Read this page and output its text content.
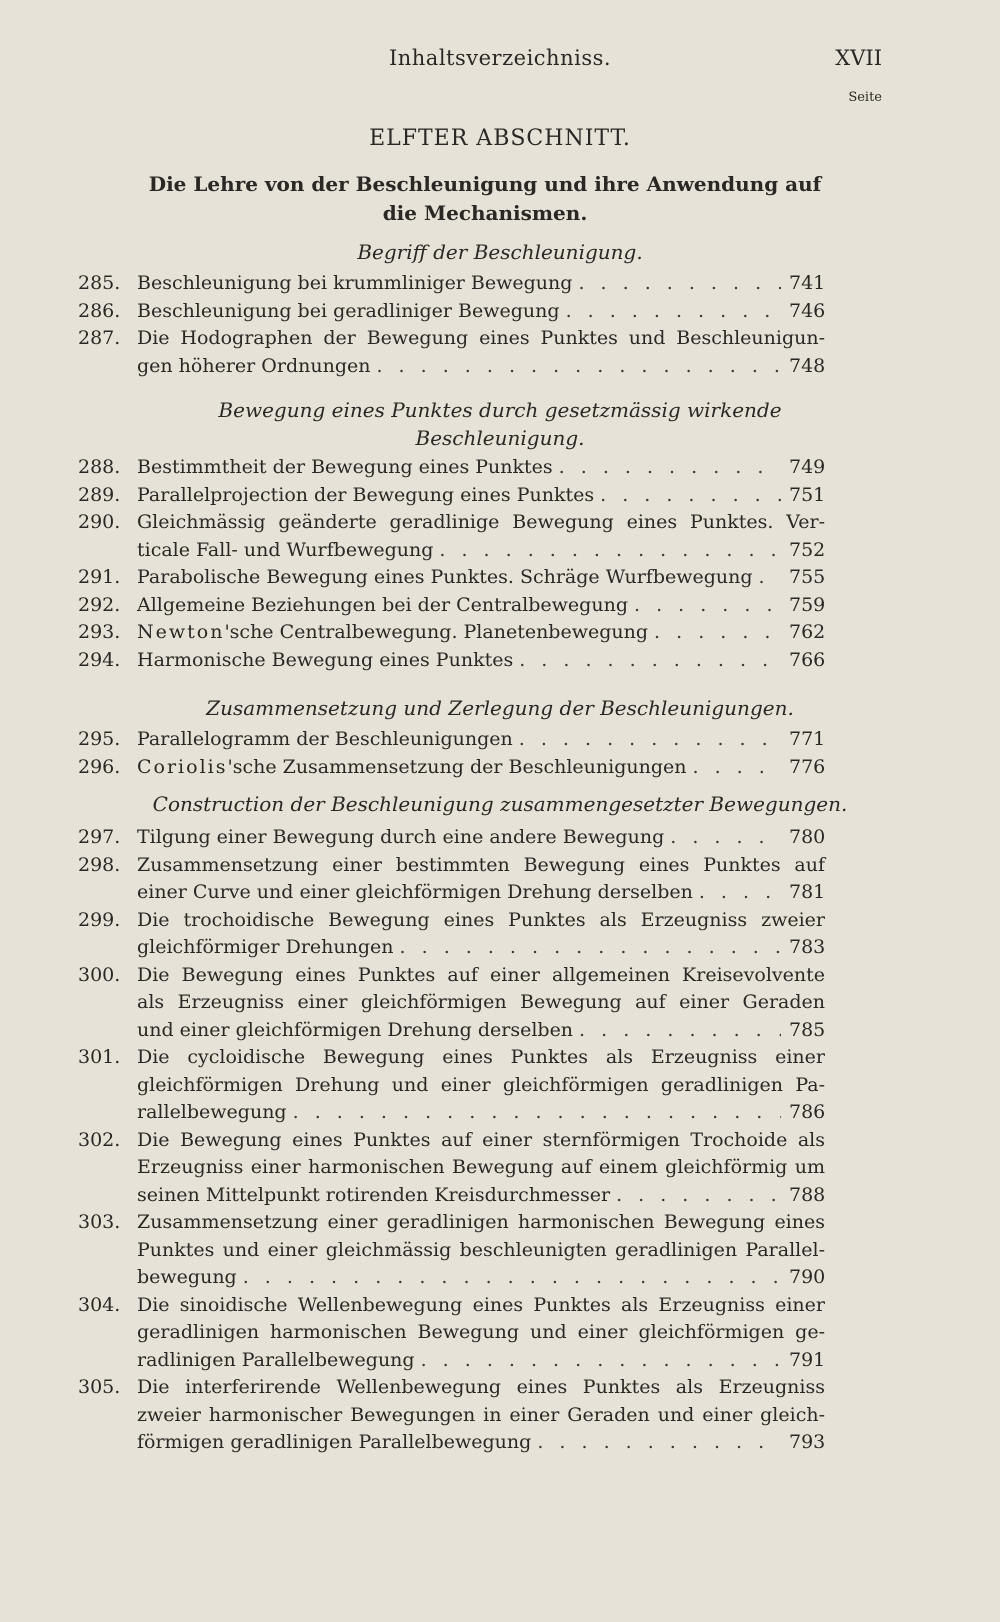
Inhaltsverzeichniss.	XVII
Seite
ELFTER ABSCHNITT.
Die Lehre von der Beschleunigung und ihre Anwendung auf die Mechanismen.
Begriff der Beschleunigung.
285. Beschleunigung bei krummliniger Bewegung . . .	741
286. Beschleunigung bei geradliniger Bewegung . . .	746
287. Die Hodographen der Bewegung eines Punktes und Beschleunigun-
gen höherer Ordnungen . . .	748
Bewegung eines Punktes durch gesetzmässig wirkende Beschleunigung.
288. Bestimmtheit der Bewegung eines Punktes . . .	749
289. Parallelprojection der Bewegung eines Punktes . . .	751
290. Gleichmässig geänderte geradlinige Bewegung eines Punktes. Ver-
ticale Fall- und Wurfbewegung . . .	752
291. Parabolische Bewegung eines Punktes. Schräge Wurfbewegung . . . 755
292. Allgemeine Beziehungen bei der Centralbewegung . . .	759
293. Newton'sche Centralbewegung. Planetenbewegung . . .	762
294. Harmonische Bewegung eines Punktes . . .	766
Zusammensetzung und Zerlegung der Beschleunigungen.
295. Parallelogramm der Beschleunigungen . . .	771
296. Coriolis'sche Zusammensetzung der Beschleunigungen . . .	776
Construction der Beschleunigung zusammengesetzter Bewegungen.
297. Tilgung einer Bewegung durch eine andere Bewegung . . .	780
298. Zusammensetzung einer bestimmten Bewegung eines Punktes auf
einer Curve und einer gleichförmigen Drehung derselben . . .	781
299. Die trochoidische Bewegung eines Punktes als Erzeugniss zweier
gleichförmiger Drehungen . . .	783
300. Die Bewegung eines Punktes auf einer allgemeinen Kreisevolvente
als Erzeugniss einer gleichförmigen Bewegung auf einer Geraden
und einer gleichförmigen Drehung derselben . . .	785
301. Die cycloidische Bewegung eines Punktes als Erzeugniss einer
gleichförmigen Drehung und einer gleichförmigen geradlinigen Pa-
rallelbewegung . . .	786
302. Die Bewegung eines Punktes auf einer sternförmigen Trochoide als
Erzeugniss einer harmonischen Bewegung auf einem gleichförmig um
seinen Mittelpunkt rotirenden Kreisdurchmesser . . .	788
303. Zusammensetzung einer geradlinigen harmonischen Bewegung eines
Punktes und einer gleichmässig beschleunigten geradlinigen Parallel-
bewegung . . .	790
304. Die sinoidische Wellenbewegung eines Punktes als Erzeugniss einer
geradlinigen harmonischen Bewegung und einer gleichförmigen ge-
radlinigen Parallelbewegung . . .	791
305. Die interferirende Wellenbewegung eines Punktes als Erzeugniss
zweier harmonischer Bewegungen in einer Geraden und einer gleich-
förmigen geradlinigen Parallelbewegung . . .	793
